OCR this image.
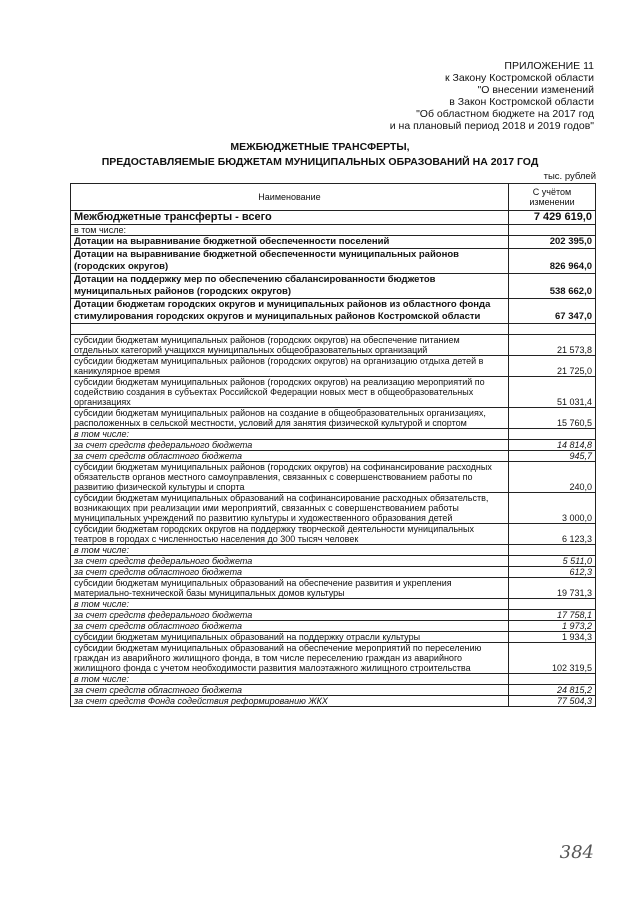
ПРИЛОЖЕНИЕ 11
к Закону Костромской области
"О внесении изменений
в Закон Костромской области
"Об областном бюджете на 2017 год
и на плановый период 2018 и 2019 годов"
МЕЖБЮДЖЕТНЫЕ ТРАНСФЕРТЫ,
ПРЕДОСТАВЛЯЕМЫЕ БЮДЖЕТАМ МУНИЦИПАЛЬНЫХ ОБРАЗОВАНИЙ НА 2017 ГОД
тыс. рублей
Наименование	С учётом изменении
Межбюджетные трансферты - всего	7 429 619,0
в том числе:	
Дотации на выравнивание бюджетной обеспеченности поселений	202 395,0
Дотации на выравнивание бюджетной обеспеченности муниципальных районов (городских округов)	826 964,0
Дотации на поддержку мер по обеспечению сбалансированности бюджетов муниципальных районов (городских округов)	538 662,0
Дотации бюджетам городских округов и муниципальных районов из областного фонда стимулирования городских округов и муниципальных районов Костромской области	67 347,0

субсидии бюджетам муниципальных районов (городских округов) на обеспечение питанием отдельных категорий учащихся муниципальных общеобразовательных организаций	21 573,8
субсидии бюджетам муниципальных районов (городских округов) на организацию отдыха детей в каникулярное время	21 725,0
субсидии бюджетам муниципальных районов (городских округов) на реализацию мероприятий по содействию создания в субъектах Российской Федерации новых мест в общеобразовательных организациях	51 031,4
субсидии бюджетам муниципальных районов на создание в общеобразовательных организациях, расположенных в сельской местности, условий для занятия физической культурой и спортом	15 760,5
в том числе:	
за счет средств федерального бюджета	14 814,8
за счет средств областного бюджета	945,7
субсидии бюджетам муниципальных районов (городских округов) на софинансирование расходных обязательств органов местного самоуправления, связанных с совершенствованием работы по развитию физической культуры и спорта	240,0
субсидии бюджетам муниципальных образований на софинансирование расходных обязательств, возникающих при реализации ими мероприятий, связанных с совершенствованием работы муниципальных учреждений по развитию культуры и художественного образования детей	3 000,0
субсидии бюджетам городских округов на поддержку творческой деятельности муниципальных театров в городах с численностью населения до 300 тысяч человек	6 123,3
в том числе:	
за счет средств федерального бюджета	5 511,0
за счет средств областного бюджета	612,3
субсидии бюджетам муниципальных образований на обеспечение развития и укрепления материально-технической базы муниципальных домов культуры	19 731,3
в том числе:	
за счет средств федерального бюджета	17 758,1
за счет средств областного бюджета	1 973,2
субсидии бюджетам муниципальных образований на поддержку отрасли культуры	1 934,3
субсидии бюджетам муниципальных образований на обеспечение мероприятий по переселению граждан из аварийного жилищного фонда, в том числе переселению граждан из аварийного жилищного фонда с учетом необходимости развития малоэтажного жилищного строительства	102 319,5
в том числе:	
за счет средств областного бюджета	24 815,2
за счет средств Фонда содействия реформированию ЖКХ	77 504,3
384
